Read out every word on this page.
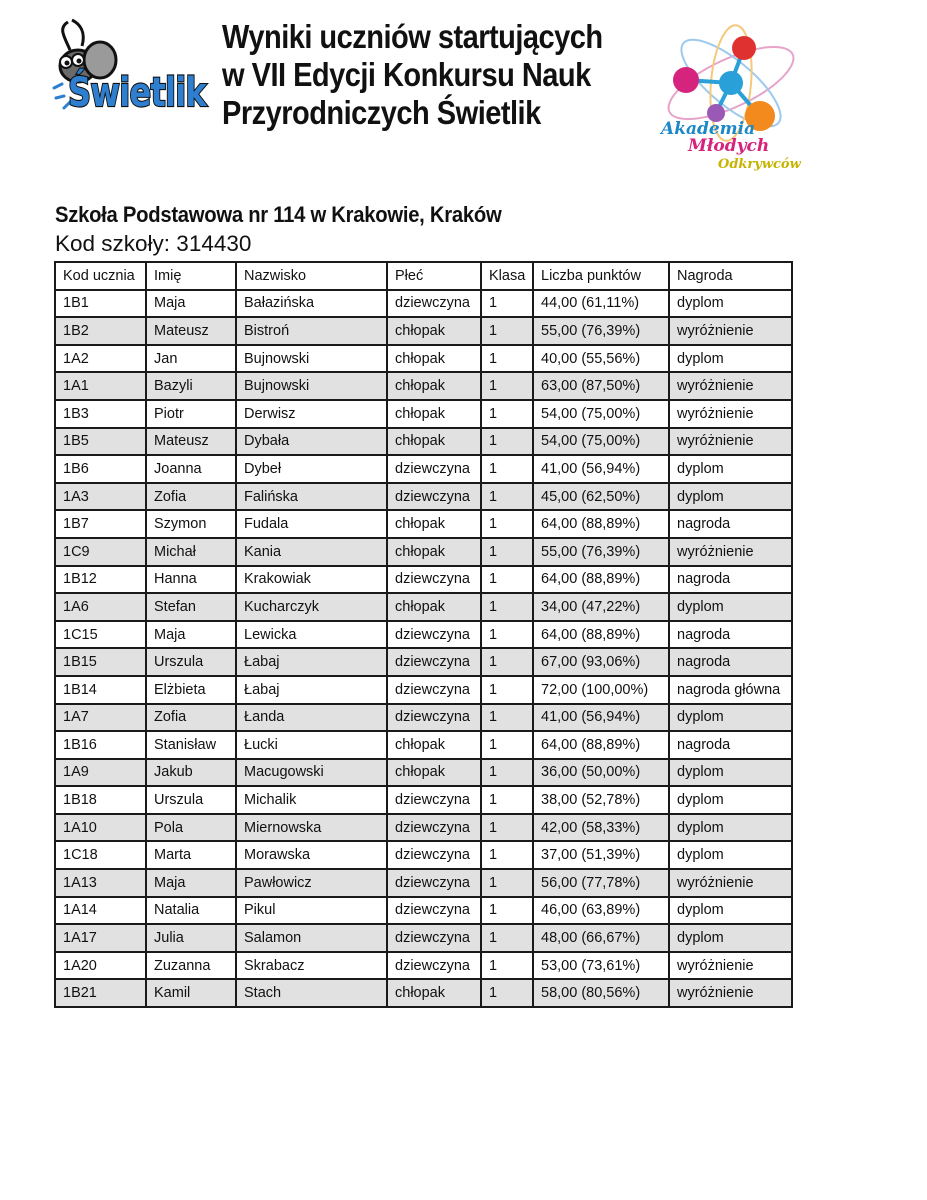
Świetlik
Wyniki uczniów startujących
w VII Edycji Konkursu Nauk
Przyrodniczych Świetlik	Akademia
Młodych
Odkrywców
Szkoła Podstawowa nr 114 w Krakowie, Kraków
Kod szkoły: 314430
Kod ucznia	Imię	Nazwisko	Płeć	Klasa	Liczba punktów	Nagroda
1B1	Maja	Bałazińska	dziewczyna	1	44,00 (61,11%)	dyplom
1B2	Mateusz	Bistroń	chłopak	1	55,00 (76,39%)	wyróżnienie
1A2	Jan	Bujnowski	chłopak	1	40,00 (55,56%)	dyplom
1A1	Bazyli	Bujnowski	chłopak	1	63,00 (87,50%)	wyróżnienie
1B3	Piotr	Derwisz	chłopak	1	54,00 (75,00%)	wyróżnienie
1B5	Mateusz	Dybała	chłopak	1	54,00 (75,00%)	wyróżnienie
1B6	Joanna	Dybeł	dziewczyna	1	41,00 (56,94%)	dyplom
1A3	Zofia	Falińska	dziewczyna	1	45,00 (62,50%)	dyplom
1B7	Szymon	Fudala	chłopak	1	64,00 (88,89%)	nagroda
1C9	Michał	Kania	chłopak	1	55,00 (76,39%)	wyróżnienie
1B12	Hanna	Krakowiak	dziewczyna	1	64,00 (88,89%)	nagroda
1A6	Stefan	Kucharczyk	chłopak	1	34,00 (47,22%)	dyplom
1C15	Maja	Lewicka	dziewczyna	1	64,00 (88,89%)	nagroda
1B15	Urszula	Łabaj	dziewczyna	1	67,00 (93,06%)	nagroda
1B14	Elżbieta	Łabaj	dziewczyna	1	72,00 (100,00%)	nagroda główna
1A7	Zofia	Łanda	dziewczyna	1	41,00 (56,94%)	dyplom
1B16	Stanisław	Łucki	chłopak	1	64,00 (88,89%)	nagroda
1A9	Jakub	Macugowski	chłopak	1	36,00 (50,00%)	dyplom
1B18	Urszula	Michalik	dziewczyna	1	38,00 (52,78%)	dyplom
1A10	Pola	Miernowska	dziewczyna	1	42,00 (58,33%)	dyplom
1C18	Marta	Morawska	dziewczyna	1	37,00 (51,39%)	dyplom
1A13	Maja	Pawłowicz	dziewczyna	1	56,00 (77,78%)	wyróżnienie
1A14	Natalia	Pikul	dziewczyna	1	46,00 (63,89%)	dyplom
1A17	Julia	Salamon	dziewczyna	1	48,00 (66,67%)	dyplom
1A20	Zuzanna	Skrabacz	dziewczyna	1	53,00 (73,61%)	wyróżnienie
1B21	Kamil	Stach	chłopak	1	58,00 (80,56%)	wyróżnienie
